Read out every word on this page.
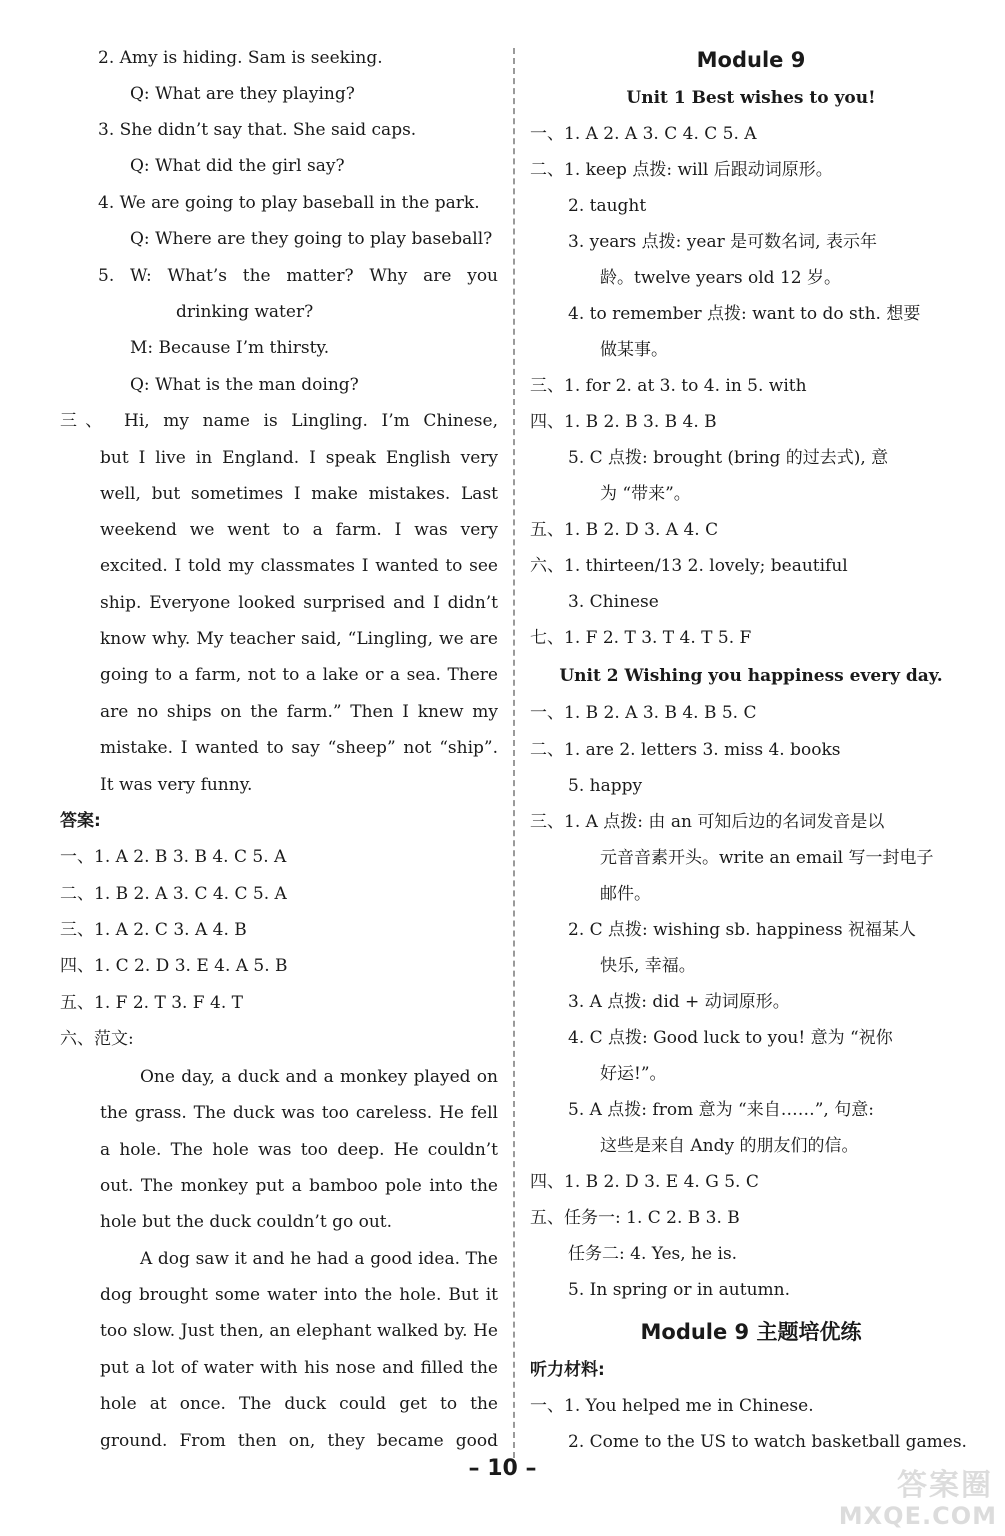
2. Amy is hiding. Sam is seeking.
Q: What are they playing?
3. She didn’t say that. She said caps.
Q: What did the girl say?
4. We are going to play baseball in the park.
Q: Where are they going to play baseball?
5. W: What’s the matter? Why are you
drinking water?
M: Because I’m thirsty.
Q: What is the man doing?
三、 Hi, my name is Lingling. I’m Chinese,
but I live in England. I speak English very
well, but sometimes I make mistakes. Last
weekend we went to a farm. I was very
excited. I told my classmates I wanted to see
ship. Everyone looked surprised and I didn’t
know why. My teacher said, “Lingling, we are
going to a farm, not to a lake or a sea. There
are no ships on the farm.” Then I knew my
mistake. I wanted to say “sheep” not “ship”.
It was very funny.
答案:
一、1. A 2. B 3. B 4. C 5. A
二、1. B 2. A 3. C 4. C 5. A
三、1. A 2. C 3. A 4. B
四、1. C 2. D 3. E 4. A 5. B
五、1. F 2. T 3. F 4. T
六、范文:
One day, a duck and a monkey played on
the grass. The duck was too careless. He fell
a hole. The hole was too deep. He couldn’t
out. The monkey put a bamboo pole into the
hole but the duck couldn’t go out.
A dog saw it and he had a good idea. The
dog brought some water into the hole. But it
too slow. Just then, an elephant walked by. He
put a lot of water with his nose and filled the
hole at once. The duck could get to the
ground. From then on, they became good
Module 9
Unit 1 Best wishes to you!
一、1. A 2. A 3. C 4. C 5. A
二、1. keep 点拨: will 后跟动词原形。
2. taught
3. years 点拨: year 是可数名词, 表示年
龄。twelve years old 12 岁。
4. to remember 点拨: want to do sth. 想要
做某事。
三、1. for 2. at 3. to 4. in 5. with
四、1. B 2. B 3. B 4. B
5. C 点拨: brought (bring 的过去式), 意
为 “带来”。
五、1. B 2. D 3. A 4. C
六、1. thirteen/13 2. lovely; beautiful
3. Chinese
七、1. F 2. T 3. T 4. T 5. F
Unit 2 Wishing you happiness every day.
一、1. B 2. A 3. B 4. B 5. C
二、1. are 2. letters 3. miss 4. books
5. happy
三、1. A 点拨: 由 an 可知后边的名词发音是以
元音音素开头。write an email 写一封电子
邮件。
2. C 点拨: wishing sb. happiness 祝福某人
快乐, 幸福。
3. A 点拨: did + 动词原形。
4. C 点拨: Good luck to you! 意为 “祝你
好运!”。
5. A 点拨: from 意为 “来自……”, 句意:
这些是来自 Andy 的朋友们的信。
四、1. B 2. D 3. E 4. G 5. C
五、任务一: 1. C 2. B 3. B
任务二: 4. Yes, he is.
5. In spring or in autumn.
Module 9 主题培优练
听力材料:
一、1. You helped me in Chinese.
2. Come to the US to watch basketball games.
– 10 –	答案圈
MXQE.COM
